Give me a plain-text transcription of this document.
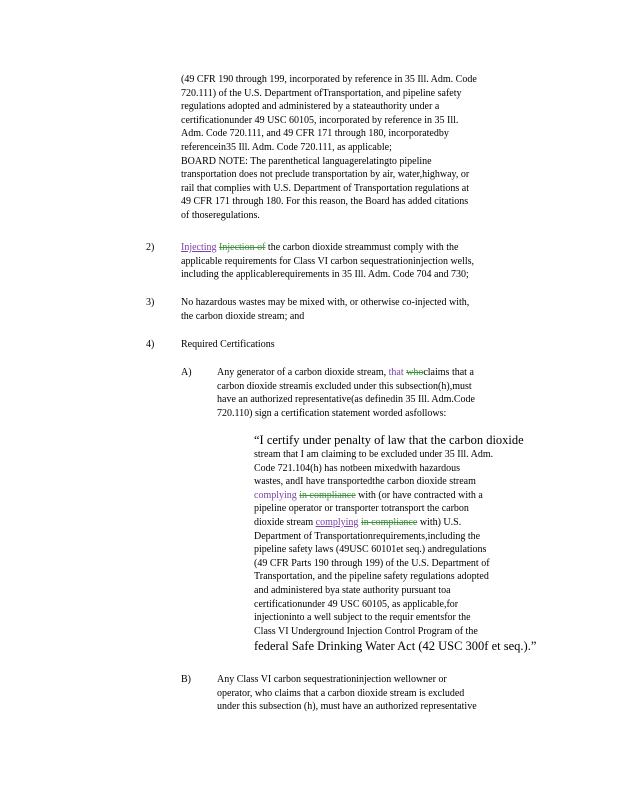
(49 CFR 190 through 199, incorporated by reference in 35 Ill. Adm. Code
720.111) of the U.S. Department ofTransportation, and pipeline safety
regulations adopted and administered by a stateauthority under a
certificationunder 49 USC 60105, incorporated by reference in 35 Ill.
Adm. Code 720.111, and 49 CFR 171 through 180, incorporatedby
referencein35 Ill. Adm. Code 720.111, as applicable;
BOARD NOTE: The parenthetical languagerelatingto pipeline
transportation does not preclude transportation by air, water,highway, or
rail that complies with U.S. Department of Transportation regulations at
49 CFR 171 through 180. For this reason, the Board has added citations
of thoseregulations.
2)	Injecting Injection of the carbon dioxide streammust comply with the
applicable requirements for Class VI carbon sequestrationinjection wells,
including the applicablerequirements in 35 Ill. Adm. Code 704 and 730;
3)	No hazardous wastes may be mixed with, or otherwise co-injected with,
the carbon dioxide stream; and
4)	Required Certifications
A)	Any generator of a carbon dioxide stream, that whoclaims that a
carbon dioxide streamis excluded under this subsection(h),must
have an authorized representative(as definedin 35 Ill. Adm.Code
720.110) sign a certification statement worded asfollows:
“I certify under penalty of law that the carbon dioxide
stream that I am claiming to be excluded under 35 Ill. Adm.
Code 721.104(h) has notbeen mixedwith hazardous
wastes, andI have transportedthe carbon dioxide stream
complying in compliance with (or have contracted with a
pipeline operator or transporter totransport the carbon
dioxide stream complying in compliance with) U.S.
Department of Transportationrequirements,including the
pipeline safety laws (49USC 60101et seq.) andregulations
(49 CFR Parts 190 through 199) of the U.S. Department of
Transportation, and the pipeline safety regulations adopted
and administered bya state authority pursuant toa
certificationunder 49 USC 60105, as applicable,for
injectioninto a well subject to the requir ementsfor the
Class VI Underground Injection Control Program of the
federal Safe Drinking Water Act (42 USC 300f et seq.).”
B)	Any Class VI carbon sequestrationinjection wellowner or
operator, who claims that a carbon dioxide stream is excluded
under this subsection (h), must have an authorized representative
